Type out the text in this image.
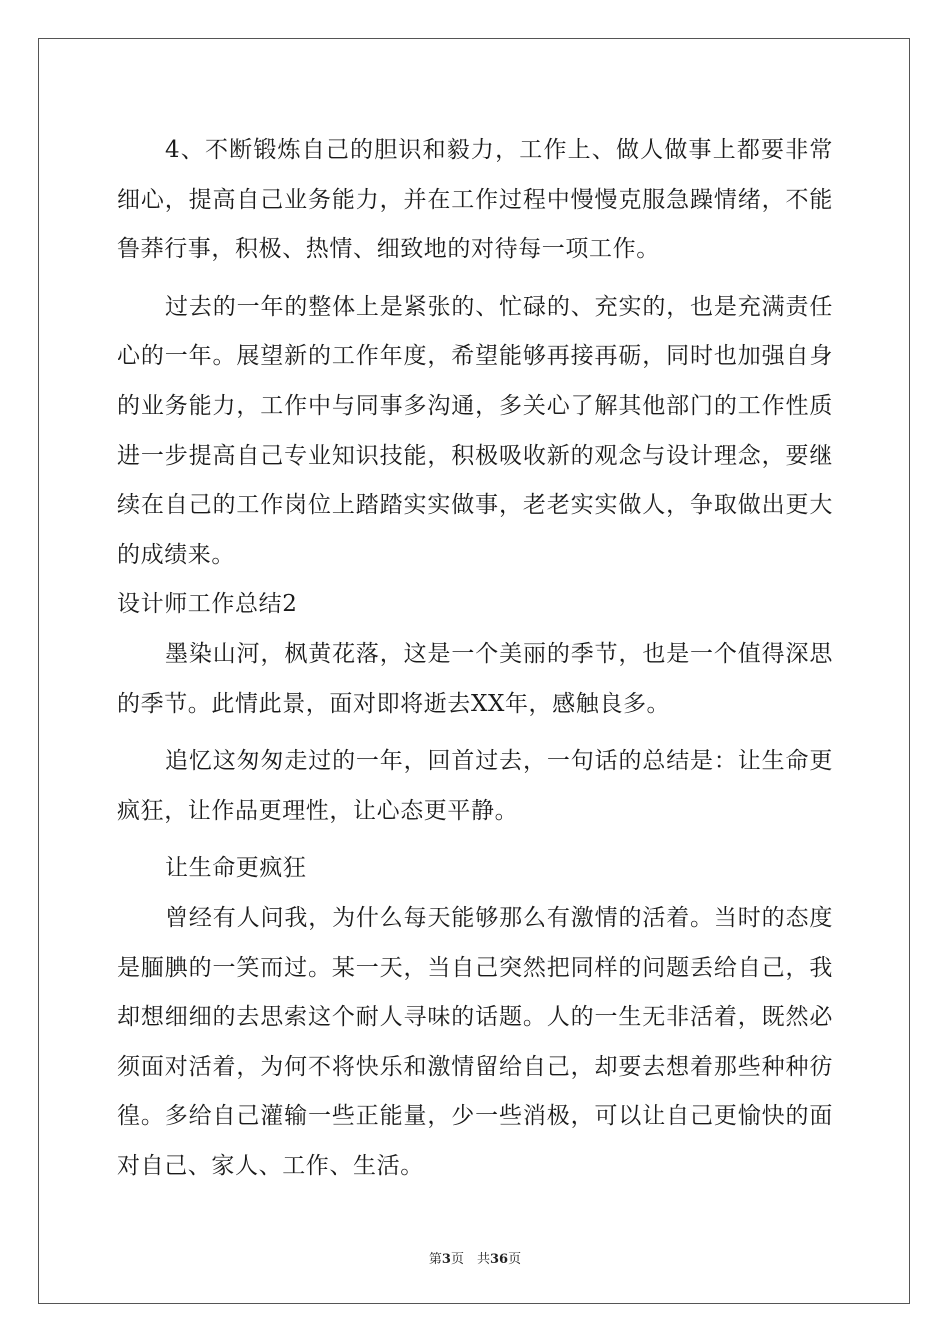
4、不断锻炼自己的胆识和毅力，工作上、做人做事上都要非常细心，提高自己业务能力，并在工作过程中慢慢克服急躁情绪，不能鲁莽行事，积极、热情、细致地的对待每一项工作。

过去的一年的整体上是紧张的、忙碌的、充实的，也是充满责任心的一年。展望新的工作年度，希望能够再接再砺，同时也加强自身的业务能力，工作中与同事多沟通，多关心了解其他部门的工作性质进一步提高自己专业知识技能，积极吸收新的观念与设计理念，要继续在自己的工作岗位上踏踏实实做事，老老实实做人，争取做出更大的成绩来。

设计师工作总结2

墨染山河，枫黄花落，这是一个美丽的季节，也是一个值得深思的季节。此情此景，面对即将逝去XX年，感触良多。

追忆这匆匆走过的一年，回首过去，一句话的总结是：让生命更疯狂，让作品更理性，让心态更平静。

让生命更疯狂

曾经有人问我，为什么每天能够那么有激情的活着。当时的态度是腼腆的一笑而过。某一天，当自己突然把同样的问题丢给自己，我却想细细的去思索这个耐人寻味的话题。人的一生无非活着，既然必须面对活着，为何不将快乐和激情留给自己，却要去想着那些种种彷徨。多给自己灌输一些正能量，少一些消极，可以让自己更愉快的面对自己、家人、工作、生活。

第3页　共36页
